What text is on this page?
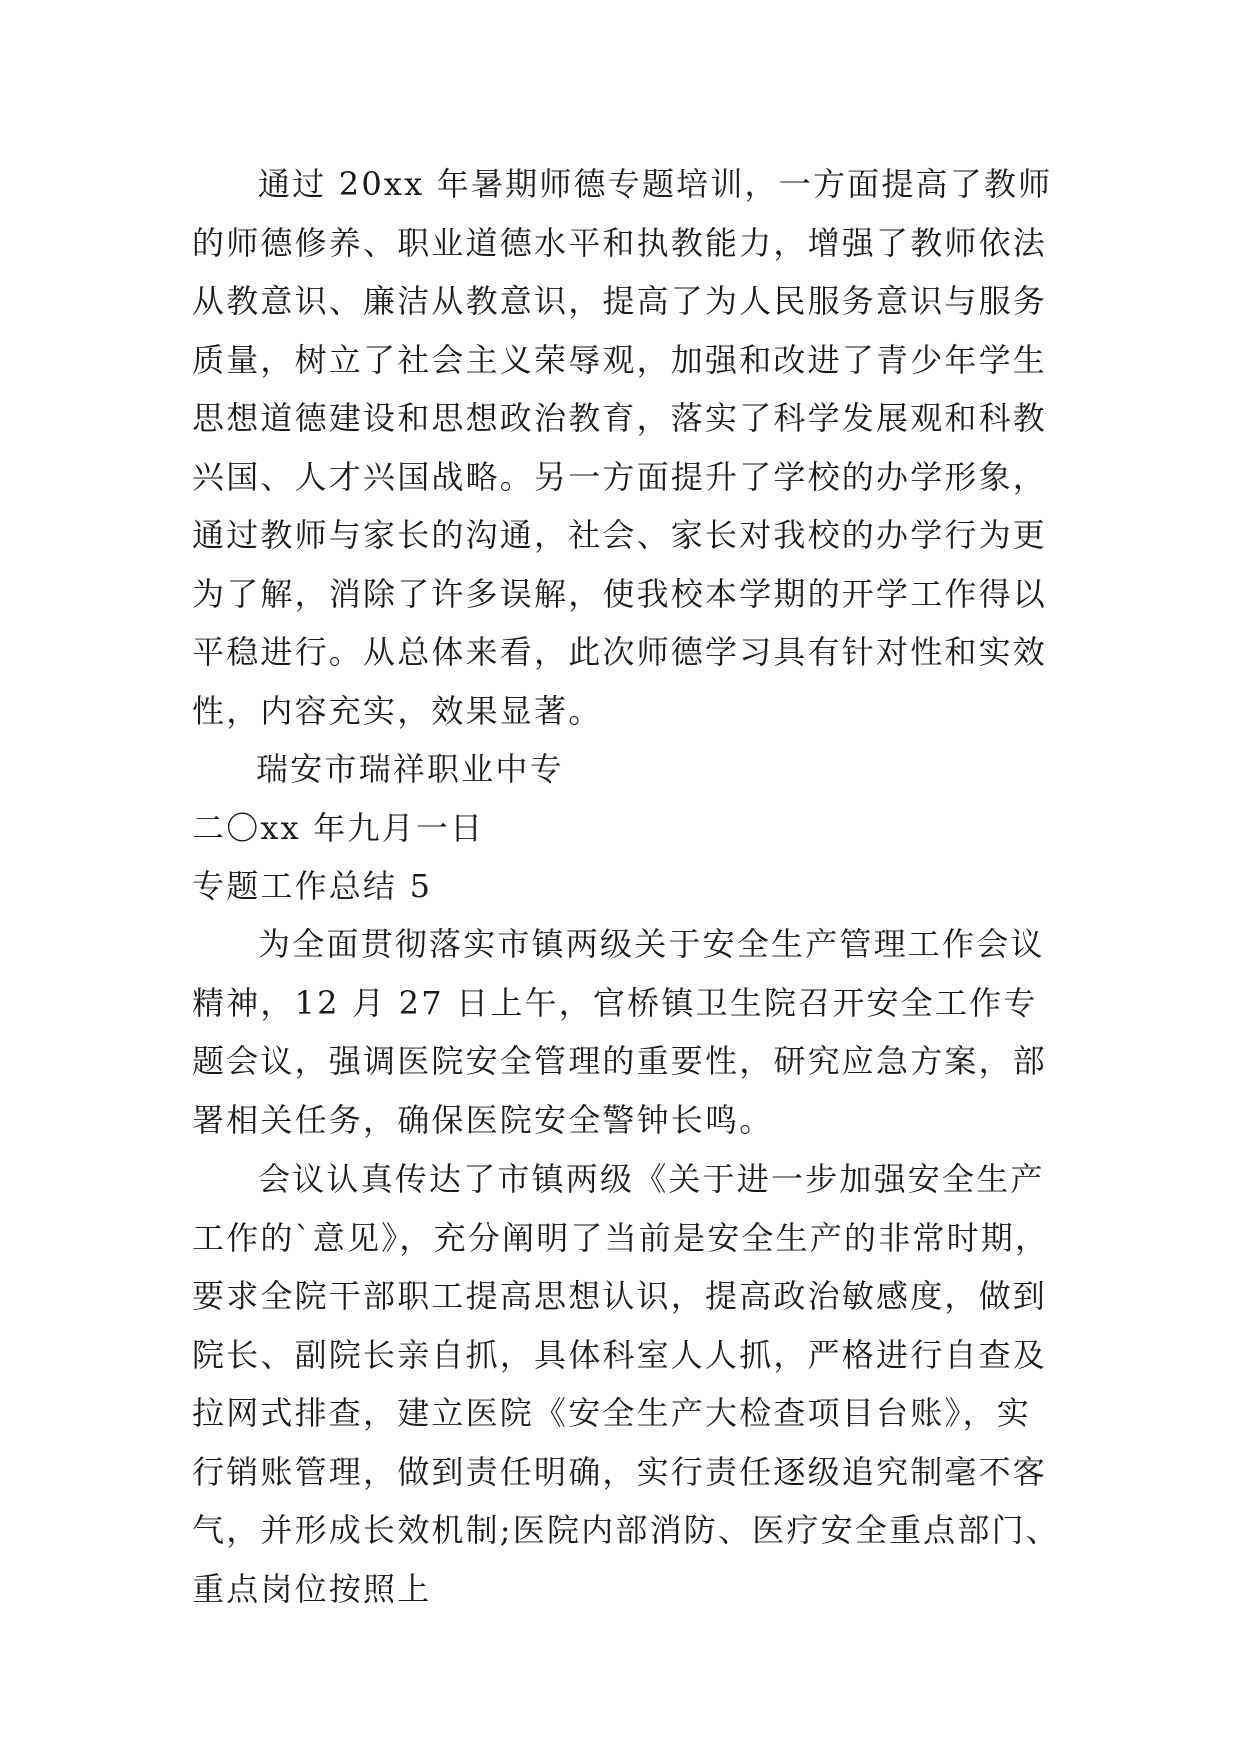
通过 20xx 年暑期师德专题培训，一方面提高了教师的师德修养、职业道德水平和执教能力，增强了教师依法从教意识、廉洁从教意识，提高了为人民服务意识与服务质量，树立了社会主义荣辱观，加强和改进了青少年学生思想道德建设和思想政治教育，落实了科学发展观和科教兴国、人才兴国战略。另一方面提升了学校的办学形象，通过教师与家长的沟通，社会、家长对我校的办学行为更为了解，消除了许多误解，使我校本学期的开学工作得以平稳进行。从总体来看，此次师德学习具有针对性和实效性，内容充实，效果显著。

瑞安市瑞祥职业中专

二〇xx 年九月一日

专题工作总结 5

为全面贯彻落实市镇两级关于安全生产管理工作会议精神，12 月 27 日上午，官桥镇卫生院召开安全工作专题会议，强调医院安全管理的重要性，研究应急方案，部署相关任务，确保医院安全警钟长鸣。

会议认真传达了市镇两级《关于进一步加强安全生产工作的`意见》，充分阐明了当前是安全生产的非常时期，要求全院干部职工提高思想认识，提高政治敏感度，做到院长、副院长亲自抓，具体科室人人抓，严格进行自查及拉网式排查，建立医院《安全生产大检查项目台账》，实行销账管理，做到责任明确，实行责任逐级追究制毫不客气，并形成长效机制;医院内部消防、医疗安全重点部门、重点岗位按照上
